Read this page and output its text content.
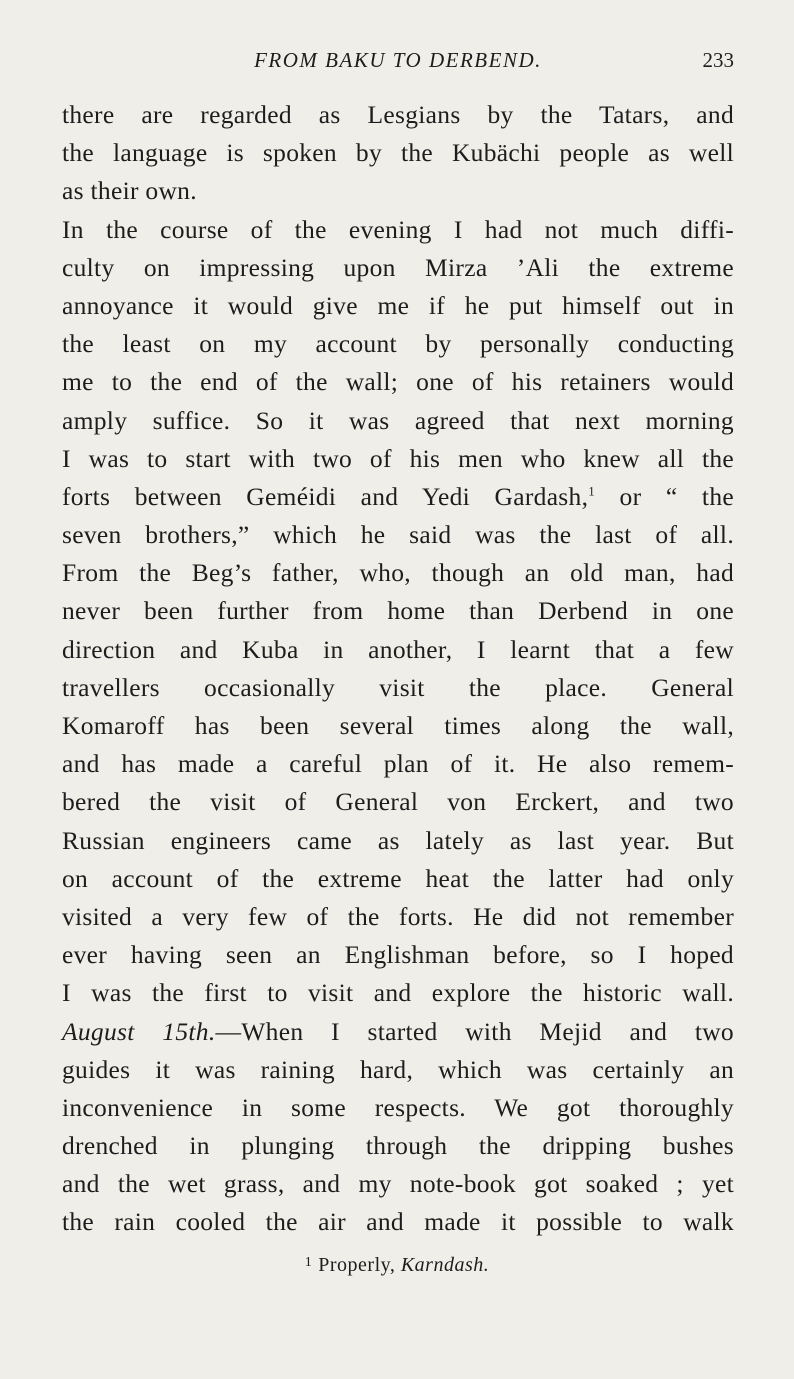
FROM BAKU TO DERBEND.	233
there are regarded as Lesgians by the Tatars, and
the language is spoken by the Kubächi people as well
as their own.
In the course of the evening I had not much diffi-
culty on impressing upon Mirza ’Ali the extreme
annoyance it would give me if he put himself out in
the least on my account by personally conducting
me to the end of the wall; one of his retainers would
amply suffice. So it was agreed that next morning
I was to start with two of his men who knew all the
forts between Geméidi and Yedi Gardash,$^1$ or “ the
seven brothers,” which he said was the last of all.
From the Beg’s father, who, though an old man, had
never been further from home than Derbend in one
direction and Kuba in another, I learnt that a few
travellers occasionally visit the place. General
Komaroff has been several times along the wall,
and has made a careful plan of it. He also remem-
bered the visit of General von Erckert, and two
Russian engineers came as lately as last year. But
on account of the extreme heat the latter had only
visited a very few of the forts. He did not remember
ever having seen an Englishman before, so I hoped
I was the first to visit and explore the historic wall.
August 15th.—When I started with Mejid and two
guides it was raining hard, which was certainly an
inconvenience in some respects. We got thoroughly
drenched in plunging through the dripping bushes
and the wet grass, and my note-book got soaked ; yet
the rain cooled the air and made it possible to walk
$^1$ Properly, Karndash.
